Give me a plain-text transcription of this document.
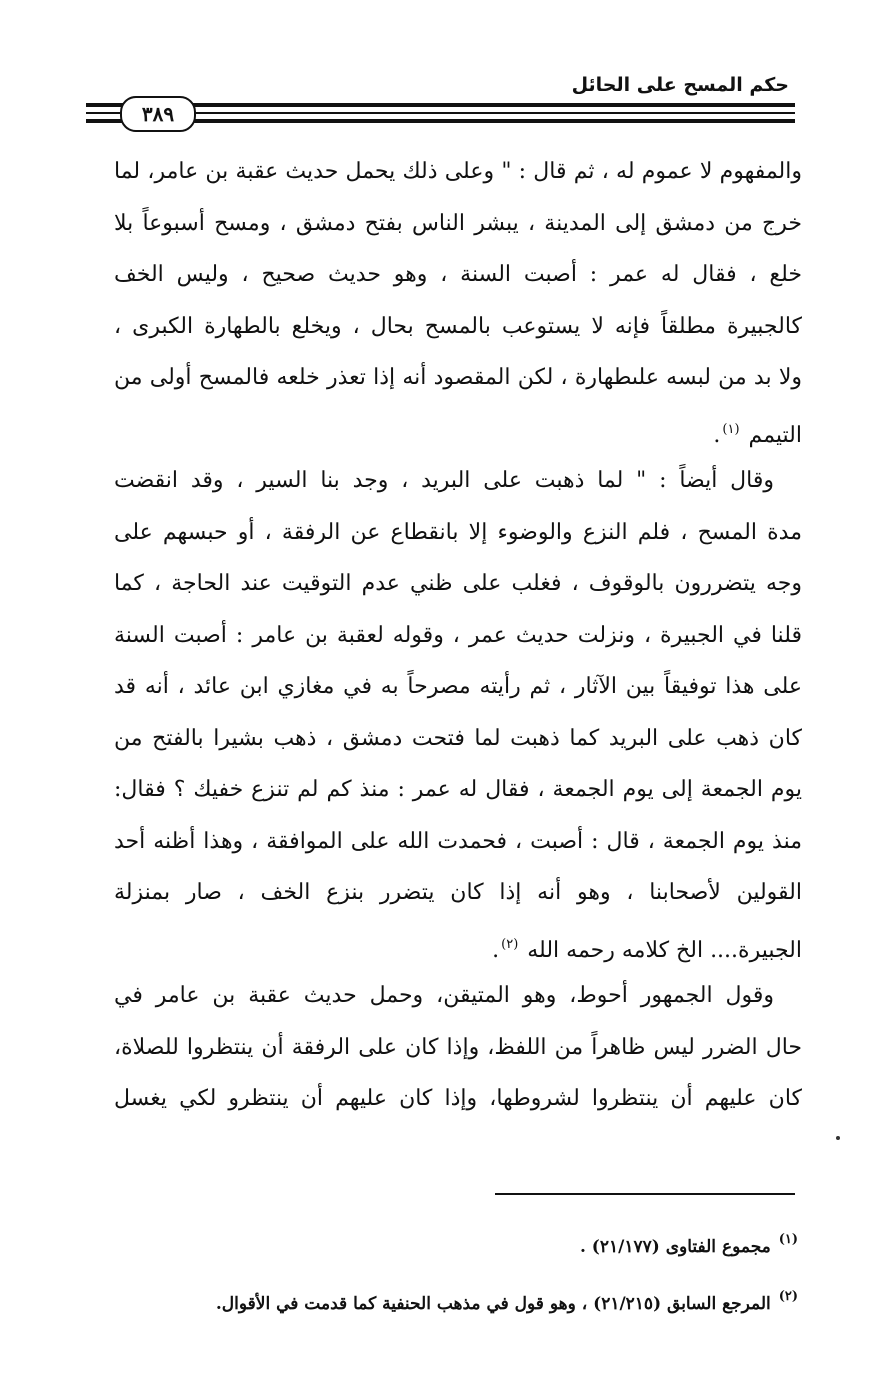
حكم المسح على الحائل
٣٨٩
والمفهوم لا عموم له ، ثم قال : " وعلى ذلك يحمل حديث عقبة بن عامر، لما
خرج من دمشق إلى المدينة ، يبشر الناس بفتح دمشق ، ومسح أسبوعاً بلا
خلع ، فقال له عمر : أصبت السنة ، وهو حديث صحيح ، وليس الخف
كالجبيرة مطلقاً فإنه لا يستوعب بالمسح بحال ، ويخلع بالطهارة الكبرى ،
ولا بد من لبسه علىطهارة ، لكن المقصود أنه إذا تعذر خلعه فالمسح أولى من
التيمم $^{(١)}$.
وقال أيضاً : " لما ذهبت على البريد ، وجد بنا السير ، وقد انقضت
مدة المسح ، فلم النزع والوضوء إلا بانقطاع عن الرفقة ، أو حبسهم على
وجه يتضررون بالوقوف ، فغلب على ظني عدم التوقيت عند الحاجة ، كما
قلنا في الجبيرة ، ونزلت حديث عمر ، وقوله لعقبة بن عامر : أصبت السنة
على هذا توفيقاً بين الآثار ، ثم رأيته مصرحاً به في مغازي ابن عائد ، أنه قد
كان ذهب على البريد كما ذهبت لما فتحت دمشق ، ذهب بشيرا بالفتح من
يوم الجمعة إلى يوم الجمعة ، فقال له عمر : منذ كم لم تنزع خفيك ؟ فقال:
منذ يوم الجمعة ، قال : أصبت ، فحمدت الله على الموافقة ، وهذا أظنه أحد
القولين لأصحابنا ، وهو أنه إذا كان يتضرر بنزع الخف ، صار بمنزلة
الجبيرة.... الخ كلامه رحمه الله $^{(٢)}$.
وقول الجمهور أحوط، وهو المتيقن، وحمل حديث عقبة بن عامر في
حال الضرر ليس ظاهراً من اللفظ، وإذا كان على الرفقة أن ينتظروا للصلاة،
كان عليهم أن ينتظروا لشروطها، وإذا كان عليهم أن ينتظرو لكي يغسل
$^{(١)}$ مجموع الفتاوى (٢١/١٧٧) .
$^{(٢)}$ المرجع السابق (٢١/٢١٥) ، وهو قول في مذهب الحنفية كما قدمت في الأقوال.
